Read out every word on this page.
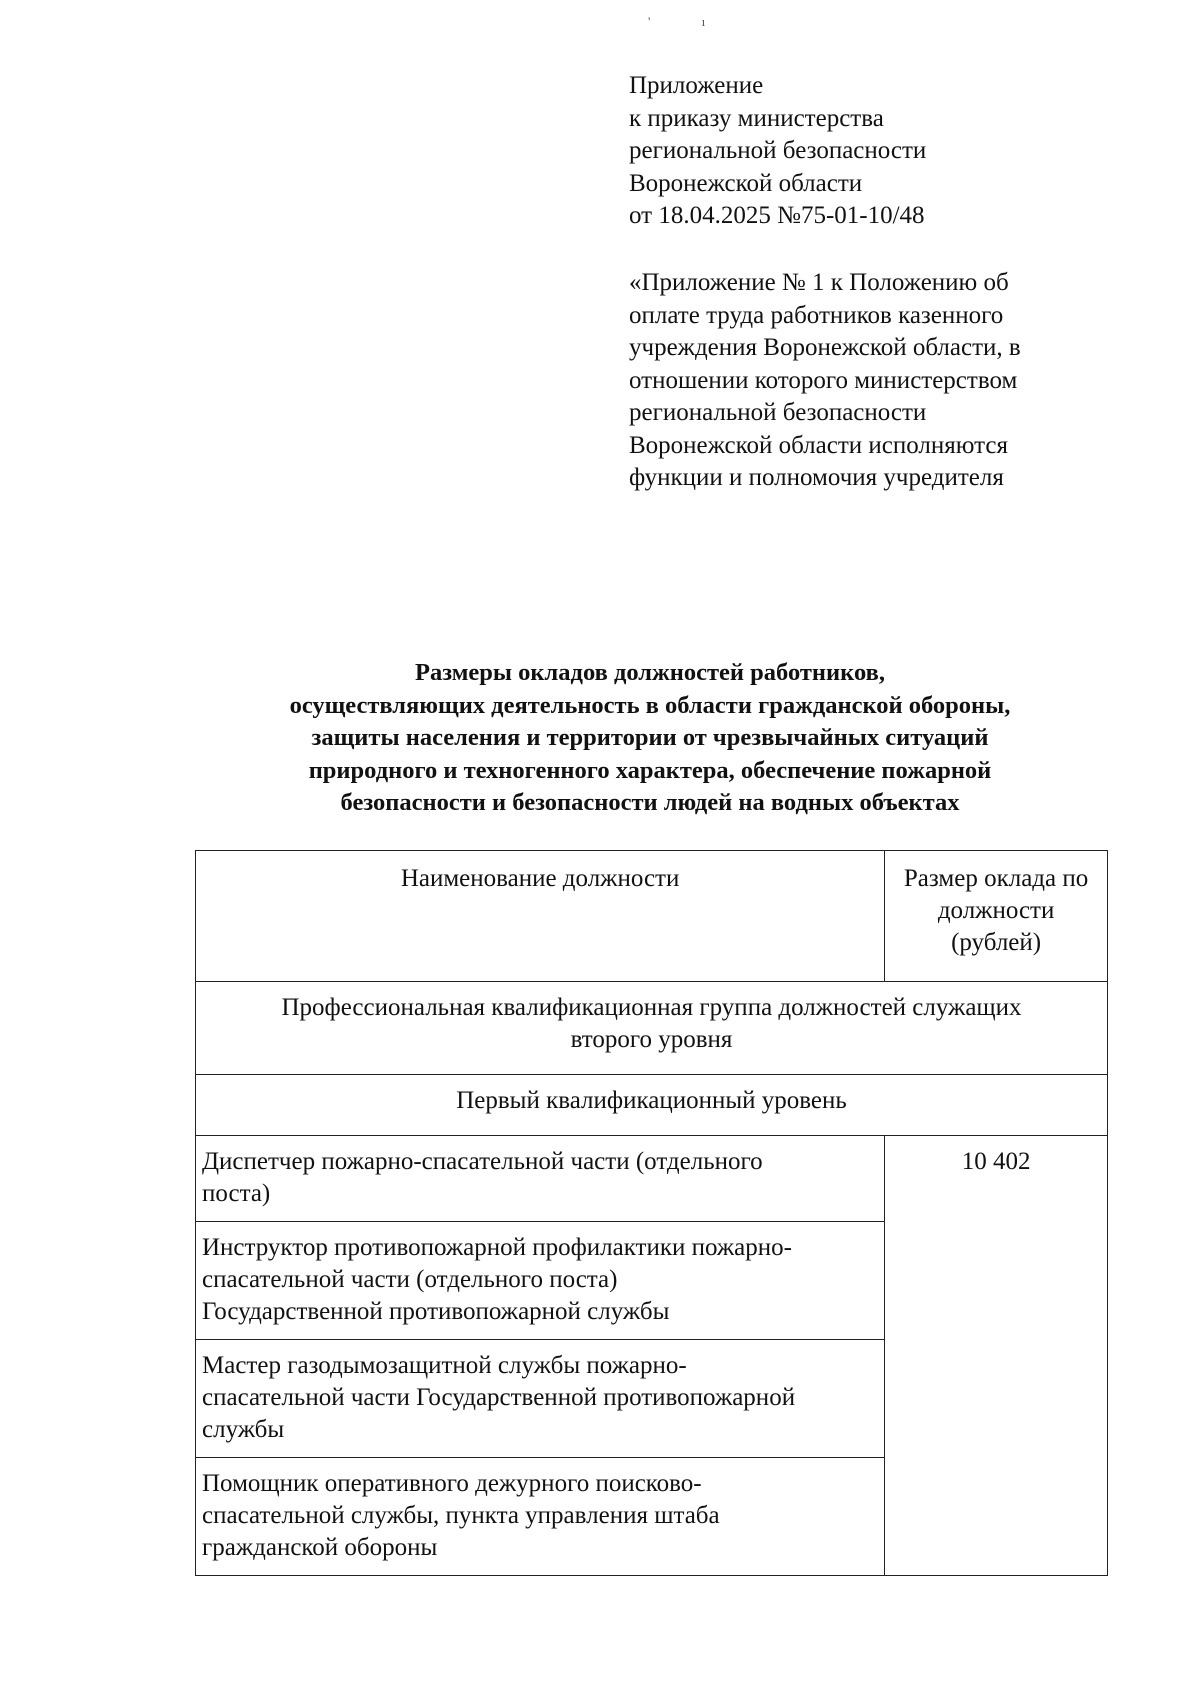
' ı
Приложение
к приказу министерства
региональной безопасности
Воронежской области
от 18.04.2025 №75-01-10/48
«Приложение № 1 к Положению об
оплате труда работников казенного
учреждения Воронежской области, в
отношении которого министерством
региональной безопасности
Воронежской области исполняются
функции и полномочия учредителя
Размеры окладов должностей работников,
осуществляющих деятельность в области гражданской обороны,
защиты населения и территории от чрезвычайных ситуаций
природного и техногенного характера, обеспечение пожарной
безопасности и безопасности людей на водных объектах
Наименование должности	Размер оклада по
должности
(рублей)

Профессиональная квалификационная группа должностей служащих
второго уровня	

Первый квалификационный уровень	

Диспетчер пожарно-спасательной части (отдельного
поста)	10 402

Инструктор противопожарной профилактики пожарно-
спасательной части (отдельного поста)
Государственной противопожарной службы	

Мастер газодымозащитной службы пожарно-
спасательной части Государственной противопожарной
службы	

Помощник оперативного дежурного поисково-
спасательной службы, пункта управления штаба
гражданской обороны	
